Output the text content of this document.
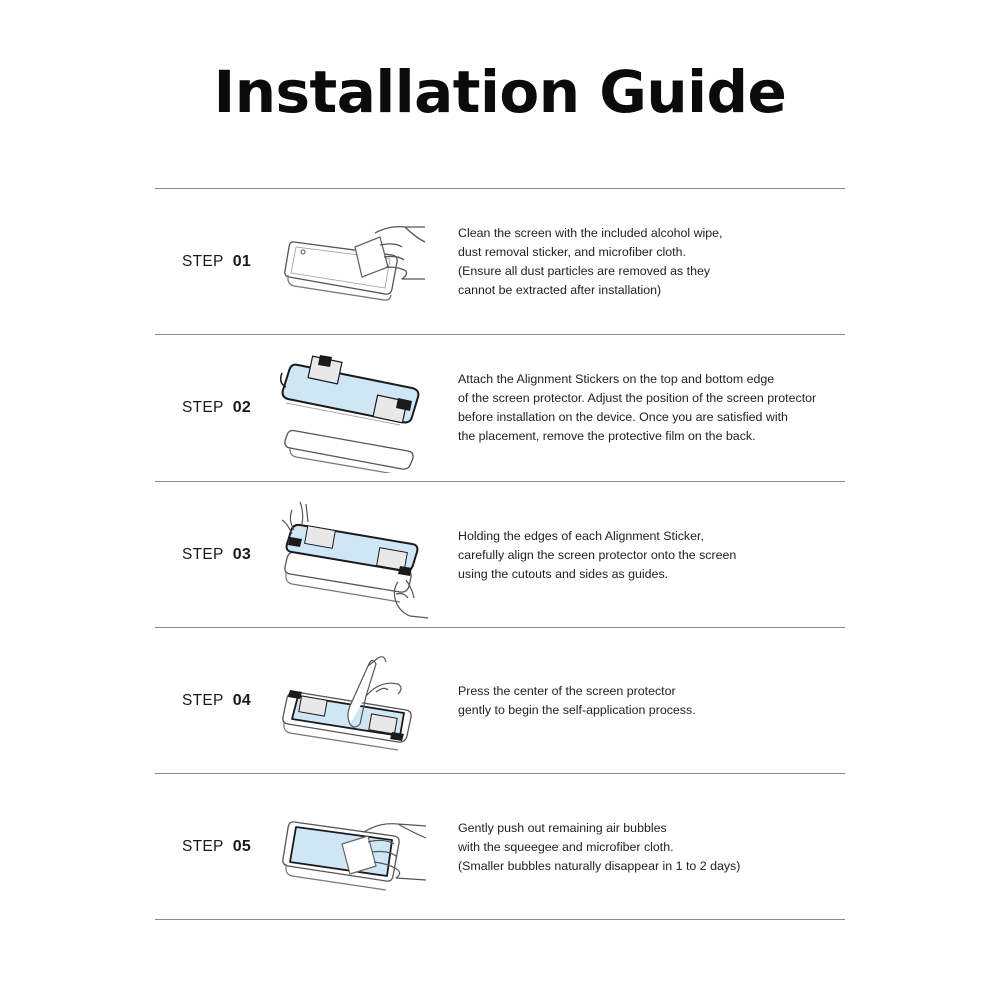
Installation Guide
STEP 01
Clean the screen with the included alcohol wipe,
dust removal sticker, and microfiber cloth.
(Ensure all dust particles are removed as they
cannot be extracted after installation)
STEP 02
Attach the Alignment Stickers on the top and bottom edge
of the screen protector. Adjust the position of the screen protector
before installation on the device. Once you are satisfied with
the placement, remove the protective film on the back.
STEP 03
Holding the edges of each Alignment Sticker,
carefully align the screen protector onto the screen
using the cutouts and sides as guides.
STEP 04
Press the center of the screen protector
gently to begin the self-application process.
STEP 05
Gently push out remaining air bubbles
with the squeegee and microfiber cloth.
(Smaller bubbles naturally disappear in 1 to 2 days)
